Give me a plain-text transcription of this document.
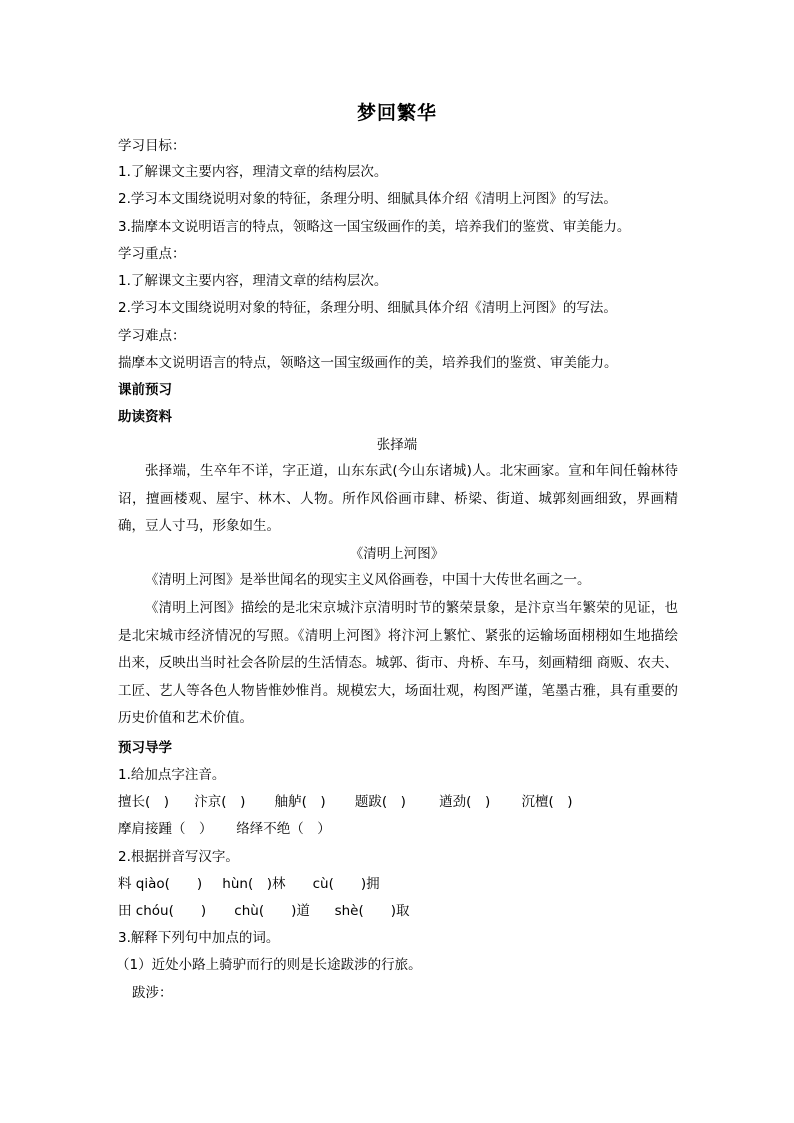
梦回繁华
学习目标：
1.了解课文主要内容，理清文章的结构层次。
2.学习本文围绕说明对象的特征，条理分明、细腻具体介绍《清明上河图》的写法。
3.揣摩本文说明语言的特点，领略这一国宝级画作的美，培养我们的鉴赏、审美能力。
学习重点：
1.了解课文主要内容，理清文章的结构层次。
2.学习本文围绕说明对象的特征，条理分明、细腻具体介绍《清明上河图》的写法。
学习难点：
揣摩本文说明语言的特点，领略这一国宝级画作的美，培养我们的鉴赏、审美能力。
课前预习
助读资料
张择端
张择端，生卒年不详，字正道，山东东武(今山东诸城)人。北宋画家。宣和年间任翰林待诏，擅画楼观、屋宇、林木、人物。所作风俗画市肆、桥梁、街道、城郭刻画细致，界画精确，豆人寸马，形象如生。
《清明上河图》
《清明上河图》是举世闻名的现实主义风俗画卷，中国十大传世名画之一。
《清明上河图》描绘的是北宋京城汴京清明时节的繁荣景象，是汴京当年繁荣的见证，也是北宋城市经济情况的写照。《清明上河图》将汴河上繁忙、紧张的运输场面栩栩如生地描绘出来，反映出当时社会各阶层的生活情态。城郭、街市、舟桥、车马，刻画精细 商贩、农夫、工匠、艺人等各色人物皆惟妙惟肖。规模宏大，场面壮观，构图严谨，笔墨古雅，具有重要的历史价值和艺术价值。
预习导学
1.给加点字注音。
擅长(　) 汴京(　) 舳舻(　) 题跋(　) 遒劲(　) 沉檀(　)
摩肩接踵（　） 络绎不绝（　）
2.根据拼音写汉字。
料 qiào(　　) hùn(　)林 cù(　　)拥
田 chóu(　　) chù(　　)道 shè(　　)取
3.解释下列句中加点的词。
（1）近处小路上骑驴而行的则是长途跋涉的行旅。
跋涉：
